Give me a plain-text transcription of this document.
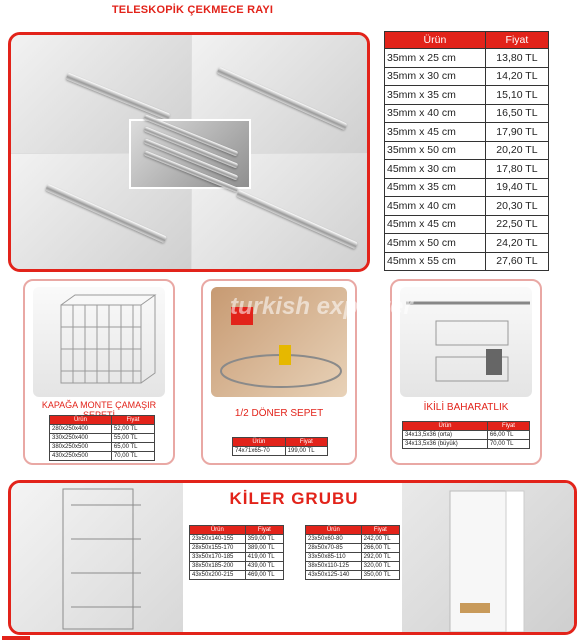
TELESKOPİK ÇEKMECE RAYI
Ürün	Fiyat
35mm x 25 cm	13,80 TL
35mm x 30 cm	14,20 TL
35mm x 35 cm	15,10 TL
35mm x 40 cm	16,50 TL
35mm x 45 cm	17,90 TL
35mm x 50 cm	20,20 TL
45mm x 30 cm	17,80 TL
45mm x 35 cm	19,40 TL
45mm x 40 cm	20,30 TL
45mm x 45 cm	22,50 TL
45mm x 50 cm	24,20 TL
45mm x 55 cm	27,60 TL
KAPAĞA MONTE ÇAMAŞIR
Ürün	Fiyat
280x250x400	52,00 TL
330x250x400	55,00 TL
380x250x500	65,00 TL
430x250x500	70,00 TL
1/2 DÖNER SEPET
Ürün	Fiyat
74x71x65-70	199,00 TL
İKİLİ BAHARATLIK
Ürün	Fiyat
34x13,5x36 (orta)	66,00 TL
34x13,5x36 (büyük)	70,00 TL
turkish exporter
KİLER GRUBU
Ürün	Fiyat
23x50x140-155	359,00 TL
28x50x155-170	389,00 TL
33x50x170-185	419,00 TL
38x50x185-200	439,00 TL
43x50x200-215	469,00 TL
Ürün	Fiyat
23x50x60-80	242,00 TL
28x50x70-85	266,00 TL
33x50x85-110	292,00 TL
38x50x110-125	320,00 TL
43x50x125-140	350,00 TL
